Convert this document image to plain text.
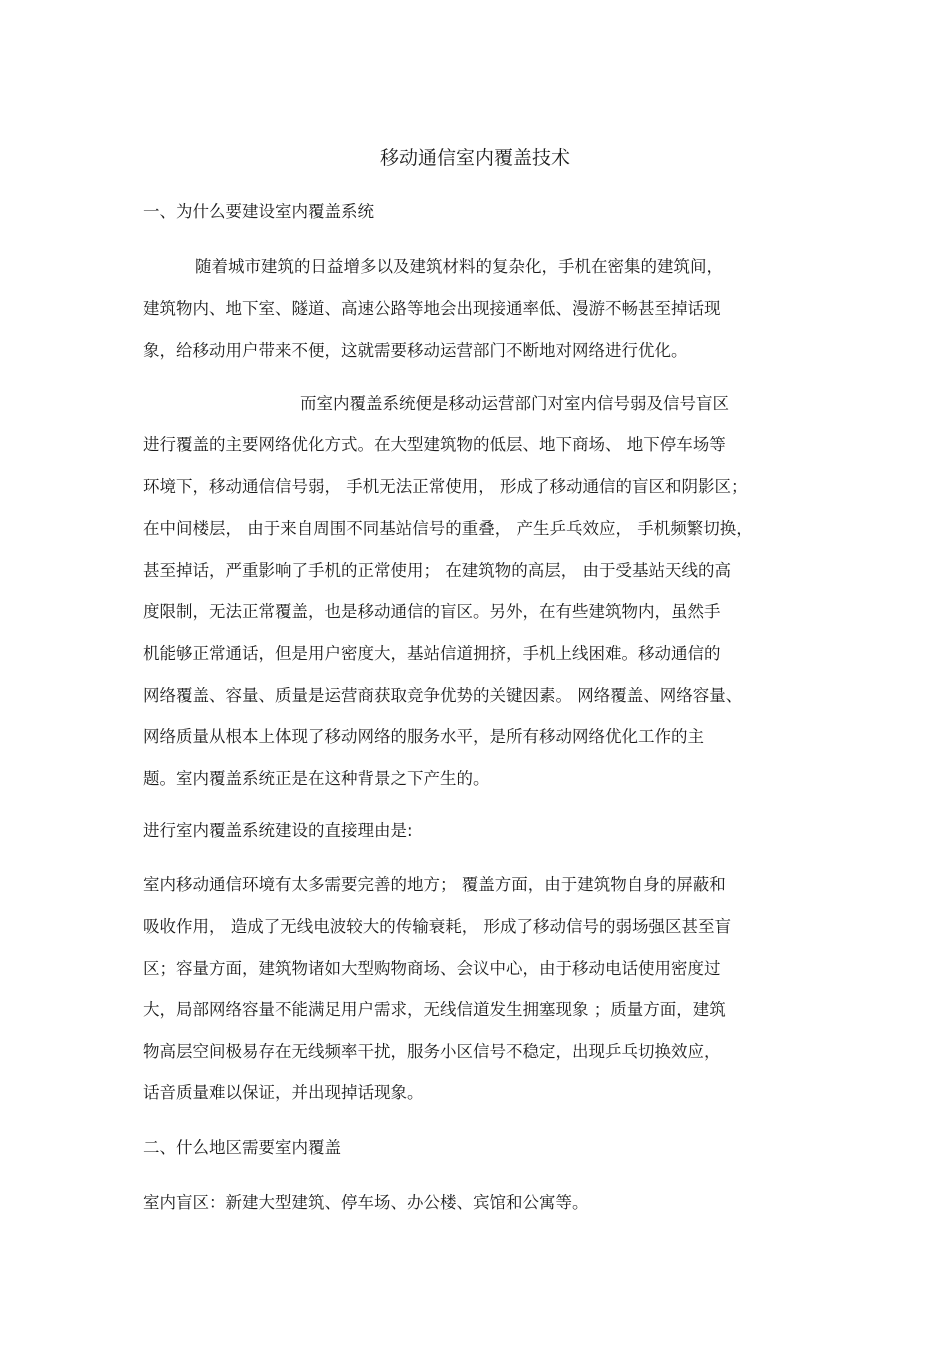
移动通信室内覆盖技术
一、为什么要建设室内覆盖系统
随着城市建筑的日益增多以及建筑材料的复杂化，手机在密集的建筑间，
建筑物内、地下室、隧道、高速公路等地会出现接通率低、漫游不畅甚至掉话现
象，给移动用户带来不便，这就需要移动运营部门不断地对网络进行优化。
而室内覆盖系统便是移动运营部门对室内信号弱及信号盲区
进行覆盖的主要网络优化方式。在大型建筑物的低层、地下商场、 地下停车场等
环境下，移动通信信号弱， 手机无法正常使用， 形成了移动通信的盲区和阴影区；
在中间楼层， 由于来自周围不同基站信号的重叠， 产生乒乓效应， 手机频繁切换，
甚至掉话，严重影响了手机的正常使用； 在建筑物的高层， 由于受基站天线的高
度限制，无法正常覆盖，也是移动通信的盲区。另外，在有些建筑物内，虽然手
机能够正常通话，但是用户密度大，基站信道拥挤，手机上线困难。移动通信的
网络覆盖、容量、质量是运营商获取竞争优势的关键因素。 网络覆盖、网络容量、
网络质量从根本上体现了移动网络的服务水平，是所有移动网络优化工作的主
题。室内覆盖系统正是在这种背景之下产生的。
进行室内覆盖系统建设的直接理由是:
室内移动通信环境有太多需要完善的地方； 覆盖方面，由于建筑物自身的屏蔽和
吸收作用， 造成了无线电波较大的传输衰耗， 形成了移动信号的弱场强区甚至盲
区；容量方面，建筑物诸如大型购物商场、会议中心，由于移动电话使用密度过
大，局部网络容量不能满足用户需求，无线信道发生拥塞现象 ；质量方面，建筑
物高层空间极易存在无线频率干扰，服务小区信号不稳定，出现乒乓切换效应，
话音质量难以保证，并出现掉话现象。
二、什么地区需要室内覆盖
室内盲区：新建大型建筑、停车场、办公楼、宾馆和公寓等。
